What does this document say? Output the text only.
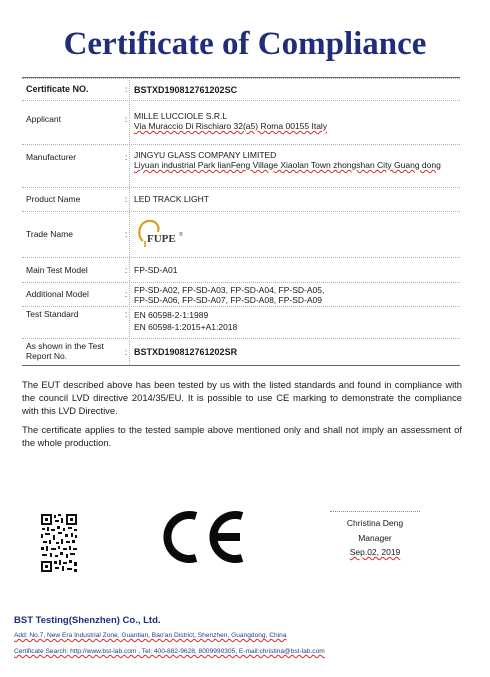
Certificate of Compliance
Certificate NO.	: BSTXD190812761202SC
Applicant	: MILLE LUCCIOLE S.R.L
Via Muraccio Di Rischiaro 32(a5) Roma 00155 Italy
Manufacturer	: JINGYU GLASS COMPANY LIMITED
Liyuan industrial Park lianFeng Village Xiaolan Town zhongshan City Guang dong
Product Name	: LED TRACK LIGHT
Trade Name	: FUPE ®
Main Test Model	: FP-SD-A01
Additional Model	: FP-SD-A02, FP-SD-A03, FP-SD-A04, FP-SD-A05,
FP-SD-A06, FP-SD-A07, FP-SD-A08, FP-SD-A09
Test Standard	: EN 60598-2-1:1989
EN 60598-1:2015+A1:2018
As shown in the Test Report No.	: BSTXD190812761202SR
The EUT described above has been tested by us with the listed standards and found in compliance with the council LVD directive 2014/35/EU. It is possible to use CE marking to demonstrate the compliance with this LVD Directive.
The certificate applies to the tested sample above mentioned only and shall not imply an assessment of the whole production.
Christina Deng
Manager
Sep.02, 2019
BST Testing(Shenzhen) Co., Ltd.
Add: No.7, New Era Industrial Zone, Guantian, Bao'an District, Shenzhen, Guangdong, China
Certificate Search: http://www.bst-lab.com , Tel: 400-882-9628, 8009990305, E-mail:christina@bst-lab.com
